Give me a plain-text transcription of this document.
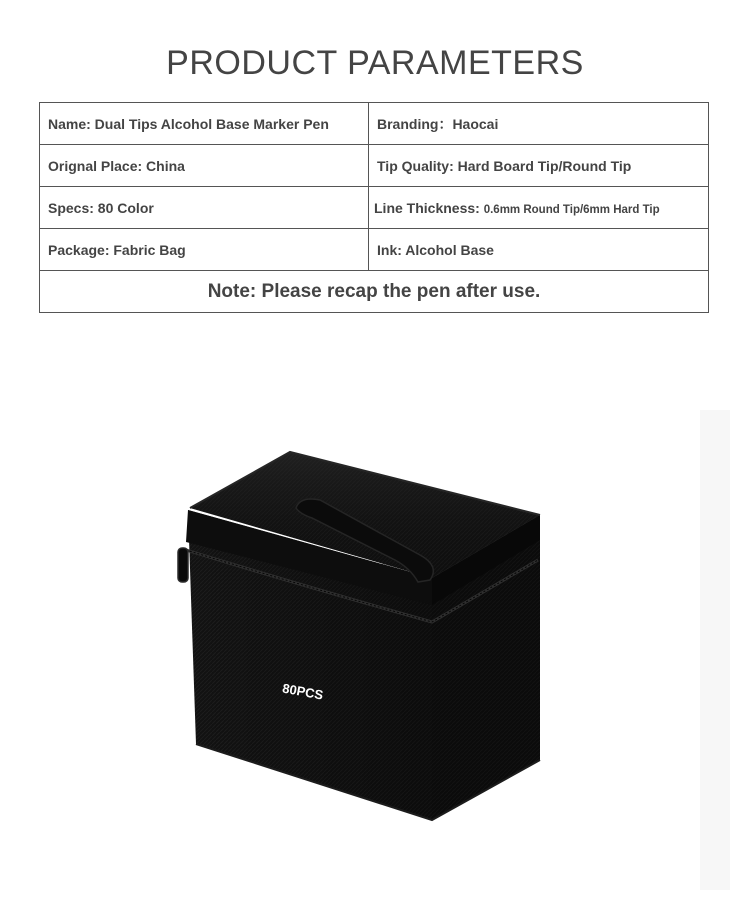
PRODUCT PARAMETERS
Name: Dual Tips Alcohol Base Marker Pen	Branding：Haocai
Orignal Place: China	Tip Quality: Hard Board Tip/Round Tip
Specs: 80 Color	Line Thickness: 0.6mm Round Tip/6mm Hard Tip
Package: Fabric Bag	Ink: Alcohol Base
Note: Please recap the pen after use.	
80PCS
